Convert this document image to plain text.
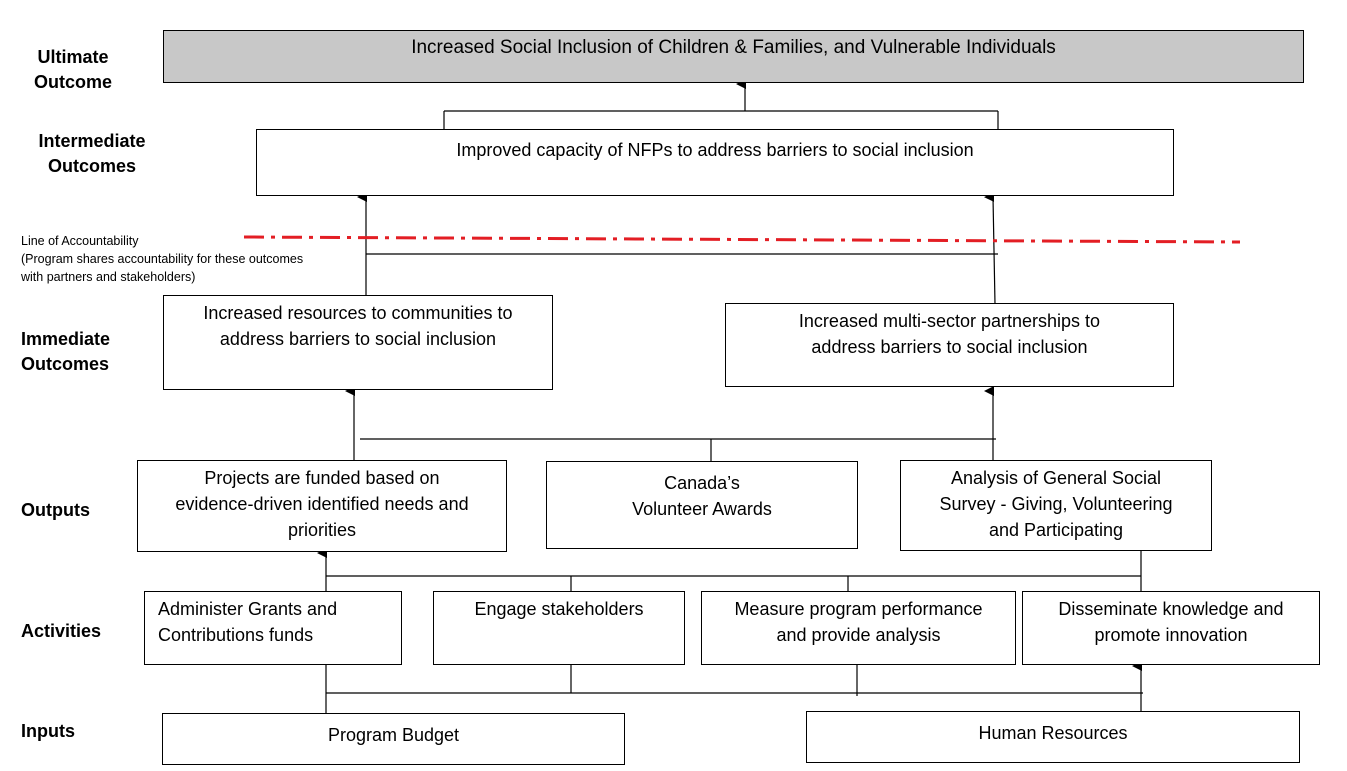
Ultimate
Outcome
Intermediate
Outcomes
Immediate
Outcomes
Outputs
Activities
Inputs
Line of Accountability
(Program shares accountability for these outcomes
with partners and stakeholders)
Increased Social Inclusion of Children & Families, and Vulnerable Individuals
Improved capacity of NFPs to address barriers to social inclusion
Increased resources to communities to
address barriers to social inclusion
Increased multi-sector partnerships to
address barriers to social inclusion
Projects are funded based on
evidence-driven identified needs and
priorities
Canada’s
Volunteer Awards
Analysis of General Social
Survey - Giving, Volunteering
and Participating
Administer Grants and
Contributions funds
Engage stakeholders	Measure program performance
and provide analysis
Disseminate knowledge and
promote innovation
Program Budget	Human Resources
